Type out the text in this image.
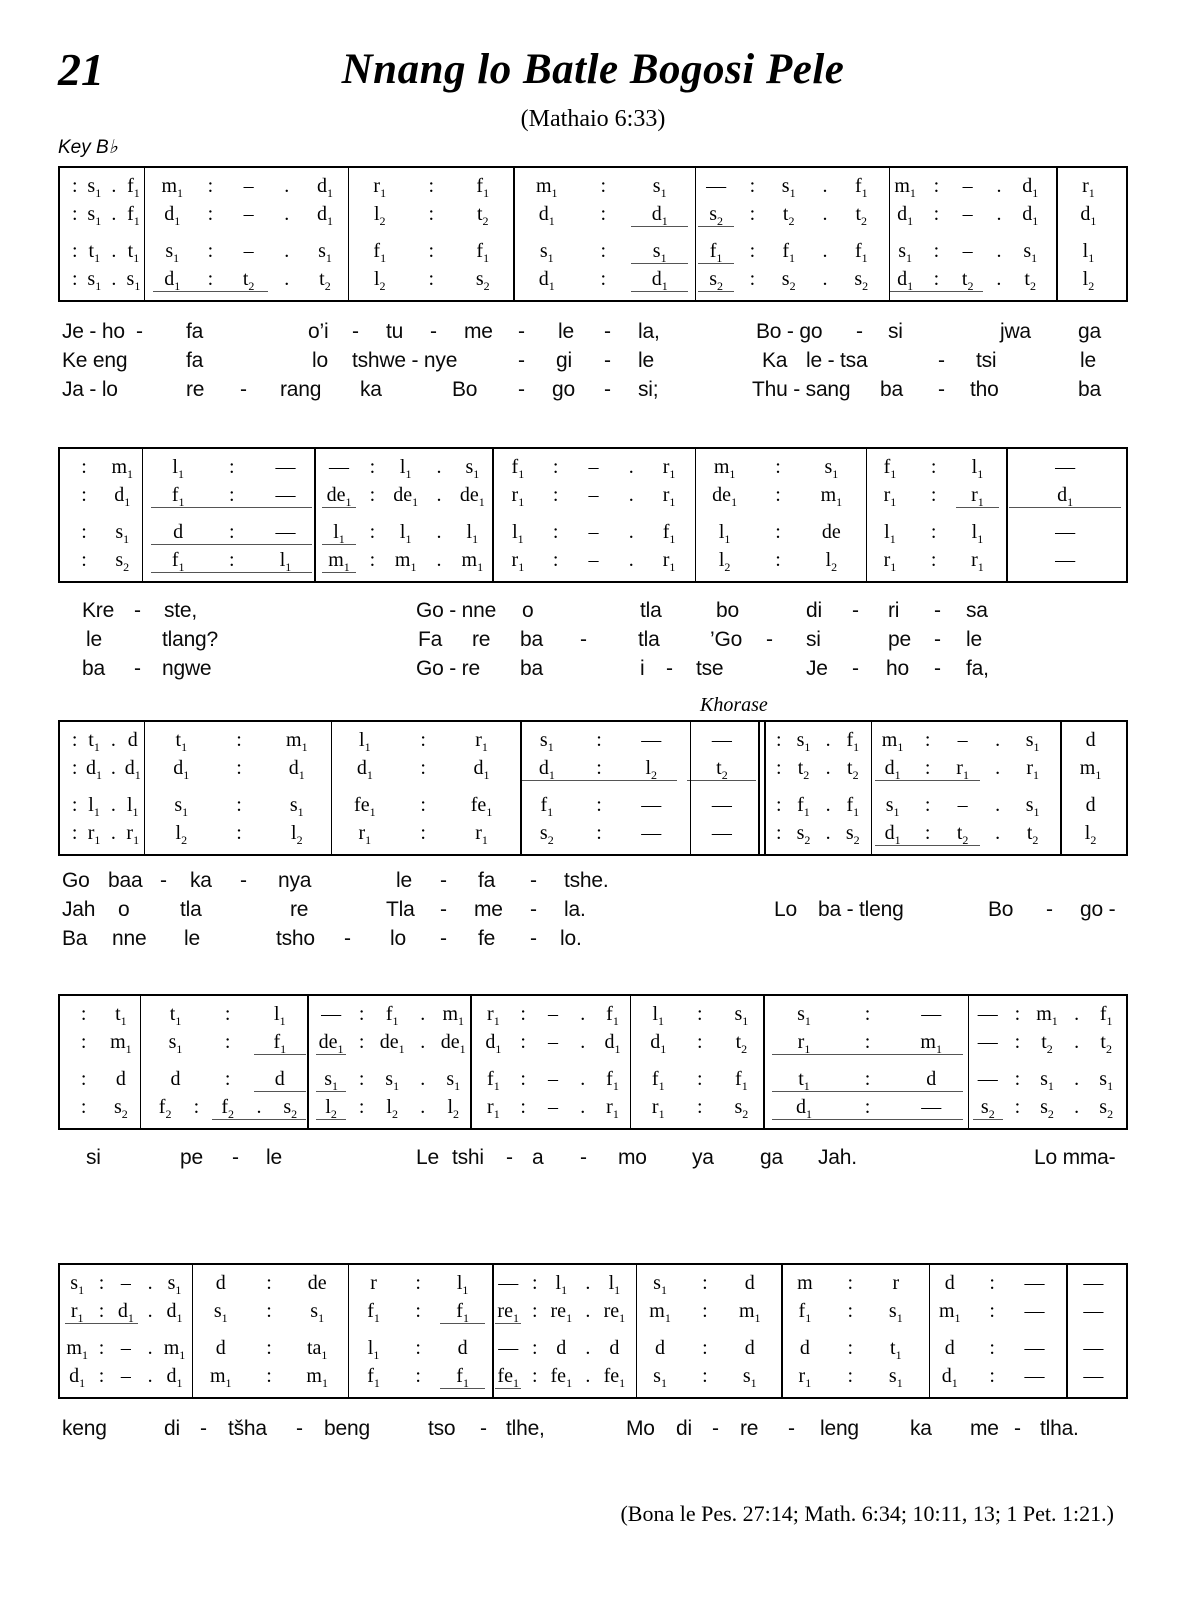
21	Nnang lo Batle Bogosi Pele
(Mathaio 6:33)
Key B♭
: $s_1$ . $f_1$	$m_1$	:	–	.	$d_1$	$r_1$	:	$f_1$	$m_1$	:	$s_1$	—	:	$s_1$	.	$f_1$	$m_1$ :	–	.	$d_1$	$r_1$
: $s_1$ . $f_1$	$d_1$	:	–	.	$d_1$	$l_2$	:	$t_2$	$d_1$	:	$d_1$	$s_2$	:	$t_2$	.	$t_2$	$d_1$	:	–	.	$d_1$	$d_1$
: $t_1$ . $t_1$	$s_1$	:	–	.	$s_1$	$f_1$	:	$f_1$	$s_1$	:	$s_1$	$f_1$	:	$f_1$	.	$f_1$	$s_1$	:	–	.	$s_1$	$l_1$
: $s_1$ . $s_1$	$d_1$	:	$t_2$	.	$t_2$	$l_2$	:	$s_2$	$d_1$	:	$d_1$	$s_2$	:	$s_2$	.	$s_2$	$d_1$	:	$t_2$	.	$t_2$	$l_2$
Je - ho - fa	o’i - tu - me - le - la,	Bo - go - si	jwa ga
Ke eng	fa	lo tshwe - nye	- gi - le	Ka le - tsa	- tsi	le
Ja - lo	re - rang ka	Bo - go - si;	Thu - sang ba - tho	ba
:	$m_1$	$l_1$	:	—	—	:	$l_1$	.	$s_1$	$f_1$	:	–	.	$r_1$	$m_1$	:	$s_1$	$f_1$	:	$l_1$	—
:	$d_1$	$f_1$	:	—	$de_1$ : $de_1$ . $de_1$	$r_1$	:	–	.	$r_1$	$de_1$	:	$m_1$	$r_1$	:	$r_1$	$d_1$
:	$s_1$	d	:	—	$l_1$	:	$l_1$	.	$l_1$	$l_1$	:	–	.	$f_1$	$l_1$	:	de	$l_1$	:	$l_1$	—
:	$s_2$	$f_1$	:	$l_1$	$m_1$ : $m_1$	.	$m_1$	$r_1$	:	–	.	$r_1$	$l_2$	:	$l_2$	$r_1$	:	$r_1$	—
Kre - ste,	Go - nne o	tla	bo	di - ri - sa
le	tlang?	Fa re ba - tla ’Go - si	pe - le
ba - ngwe	Go - re ba	i - tse	Je - ho - fa,
Khorase
: $t_1$ . d	$t_1$	:	$m_1$	$l_1$	:	$r_1$	$s_1$	:	—	—	: $s_1$ . $f_1$	$m_1$	:	–	.	$s_1$	d
: $d_1$ . $d_1$	$d_1$	:	$d_1$	$d_1$	:	$d_1$	$d_1$	:	$l_2$	$t_2$	: $t_2$ . $t_2$	$d_1$	:	$r_1$	.	$r_1$	$m_1$
: $l_1$ . $l_1$	$s_1$	:	$s_1$	$fe_1$	:	$fe_1$	$f_1$	:	—	—	: $f_1$ . $f_1$	$s_1$	:	–	.	$s_1$	d
: $r_1$ . $r_1$	$l_2$	:	$l_2$	$r_1$	:	$r_1$	$s_2$	:	—	—	: $s_2$ . $s_2$	$d_1$	:	$t_2$	.	$t_2$	$l_2$
Go baa - ka - nya	le - fa - tshe.
Jah o tla	re	Tla - me - la.	Lo ba - tleng	Bo - go -
Ba nne le	tsho - lo - fe - lo.
:	$t_1$	$t_1$	:	$l_1$	— :	$f_1$	. $m_1$	$r_1$	:	–	.	$f_1$	$l_1$	:	$s_1$	$s_1$	:	—	— : $m_1$ .	$f_1$
:	$m_1$	$s_1$	:	$f_1$	$de_1$ : $de_1$ . $de_1$ $d_1$ :	–	. $d_1$	$d_1$	:	$t_2$	$r_1$	:	$m_1$	— :	$t_2$	.	$t_2$
:	d	d	:	d	$s_1$	:	$s_1$	.	$s_1$	$f_1$	:	–	.	$f_1$	$f_1$	:	$f_1$	$t_1$	:	d	— : $s_1$	.	$s_1$
:	$s_2$	$f_2$	:	$f_2$	.	$s_2$	$l_2$	:	$l_2$	.	$l_2$	$r_1$	:	–	.	$r_1$	$r_1$	:	$s_2$	$d_1$	:	—	$s_2$ : $s_2$	.	$s_2$
si	pe - le	Le tshi - a - mo ya ga Jah.	Lo mma-
$s_1$ : – . $s_1$	d	:	de	r	:	$l_1$	— : $l_1$ . $l_1$	$s_1$	:	d	m	:	r	d	:	—	—
$r_1$ : $d_1$ . $d_1$	$s_1$	:	$s_1$	$f_1$	:	$f_1$	$re_1$ : $re_1$ . $re_1$	$m_1$	:	$m_1$	$f_1$	:	$s_1$	$m_1$	:	—	—
$m_1$ : – . $m_1$	d	:	$ta_1$	$l_1$	:	d	— : d . d	d	:	d	d	:	$t_1$	d	:	—	—
$d_1$ : – . $d_1$	$m_1$	:	$m_1$	$f_1$	:	$f_1$	$fe_1$ : $fe_1$ . $fe_1$	$s_1$	:	$s_1$	$r_1$	:	$s_1$	$d_1$	:	—	—
keng	di - tšha - beng	tso - tlhe,	Mo di - re - leng ka me - tlha.
(Bona le Pes. 27:14; Math. 6:34; 10:11, 13; 1 Pet. 1:21.)
